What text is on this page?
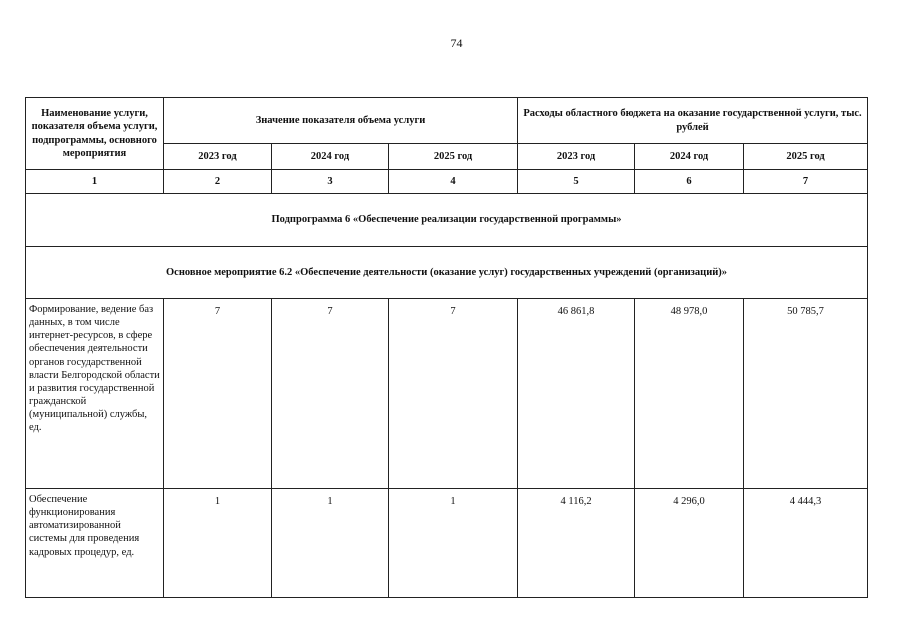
74
Наименование услуги, показателя объема услуги, подпрограммы, основного мероприятия	Значение показателя объема услуги			Расходы областного бюджета на оказание государственной услуги, тыс. рублей		
	2023 год	2024 год	2025 год	2023 год	2024 год	2025 год
1	2	3	4	5	6	7
Подпрограмма 6 «Обеспечение реализации государственной программы»						
Основное мероприятие 6.2 «Обеспечение деятельности (оказание услуг) государственных учреждений (организаций)»						
Формирование, ведение баз данных, в том числе интернет-ресурсов, в сфере обеспечения деятельности органов государственной власти Белгородской области и развития государственной гражданской (муниципальной) службы, ед.	7	7	7	46 861,8	48 978,0	50 785,7
Обеспечение функционирования автоматизированной системы для проведения кадровых процедур, ед.	1	1	1	4 116,2	4 296,0	4 444,3
